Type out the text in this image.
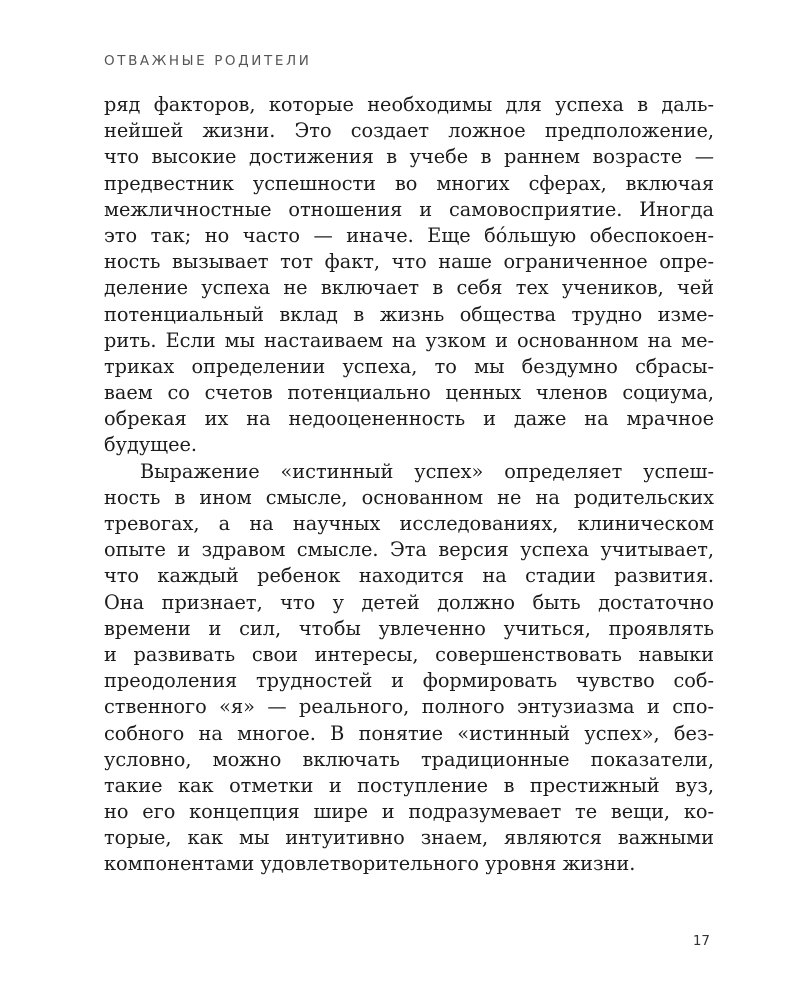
ОТВАЖНЫЕ РОДИТЕЛИ
ряд факторов, которые необходимы для успеха в даль-
нейшей жизни. Это создает ложное предположение,
что высокие достижения в учебе в раннем возрасте —
предвестник успешности во многих сферах, включая
межличностные отношения и самовосприятие. Иногда
это так; но часто — иначе. Еще бóльшую обеспокоен-
ность вызывает тот факт, что наше ограниченное опре-
деление успеха не включает в себя тех учеников, чей
потенциальный вклад в жизнь общества трудно изме-
рить. Если мы настаиваем на узком и основанном на ме-
триках определении успеха, то мы бездумно сбрасы-
ваем со счетов потенциально ценных членов социума,
обрекая их на недооцененность и даже на мрачное
будущее.
Выражение «истинный успех» определяет успеш-
ность в ином смысле, основанном не на родительских
тревогах, а на научных исследованиях, клиническом
опыте и здравом смысле. Эта версия успеха учитывает,
что каждый ребенок находится на стадии развития.
Она признает, что у детей должно быть достаточно
времени и сил, чтобы увлеченно учиться, проявлять
и развивать свои интересы, совершенствовать навыки
преодоления трудностей и формировать чувство соб-
ственного «я» — реального, полного энтузиазма и спо-
собного на многое. В понятие «истинный успех», без-
условно, можно включать традиционные показатели,
такие как отметки и поступление в престижный вуз,
но его концепция шире и подразумевает те вещи, ко-
торые, как мы интуитивно знаем, являются важными
компонентами удовлетворительного уровня жизни.
17
